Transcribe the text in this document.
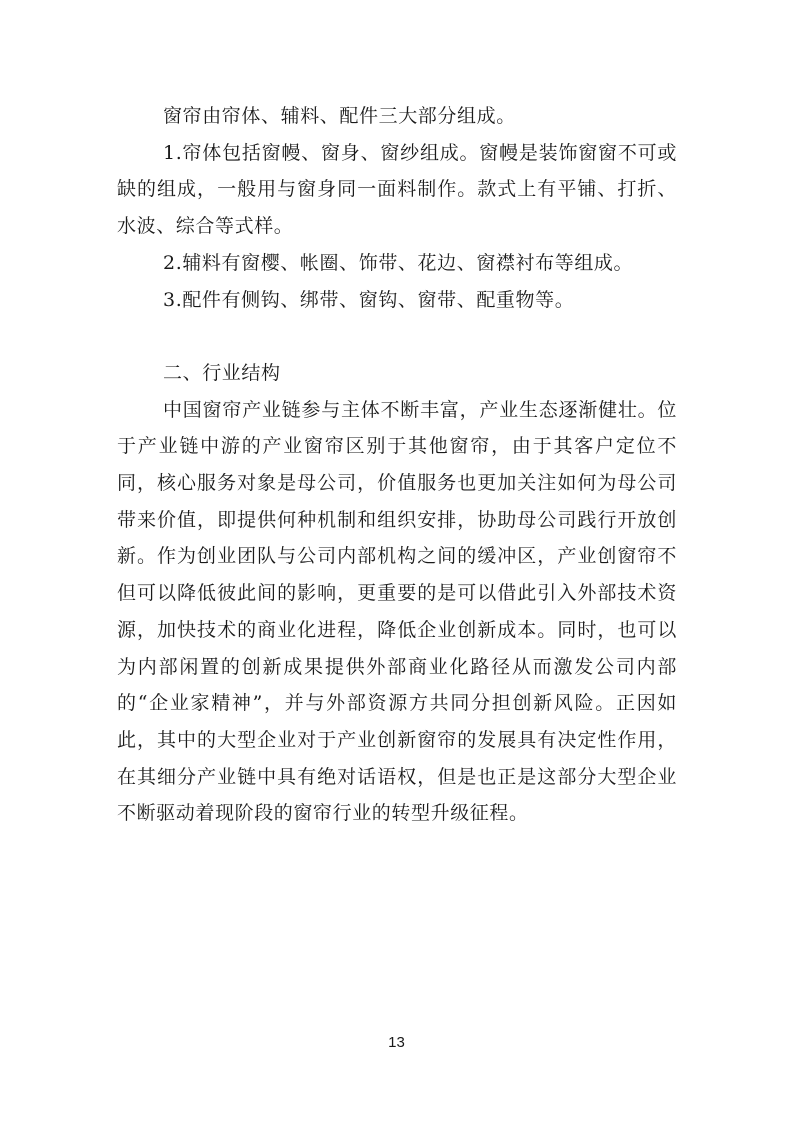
窗帘由帘体、辅料、配件三大部分组成。

1.帘体包括窗幔、窗身、窗纱组成。窗幔是装饰窗窗不可或缺的组成，一般用与窗身同一面料制作。款式上有平铺、打折、水波、综合等式样。

2.辅料有窗樱、帐圈、饰带、花边、窗襟衬布等组成。

3.配件有侧钩、绑带、窗钩、窗带、配重物等。

二、行业结构

中国窗帘产业链参与主体不断丰富，产业生态逐渐健壮。位于产业链中游的产业窗帘区别于其他窗帘，由于其客户定位不同，核心服务对象是母公司，价值服务也更加关注如何为母公司带来价值，即提供何种机制和组织安排，协助母公司践行开放创新。作为创业团队与公司内部机构之间的缓冲区，产业创窗帘不但可以降低彼此间的影响，更重要的是可以借此引入外部技术资源，加快技术的商业化进程，降低企业创新成本。同时，也可以为内部闲置的创新成果提供外部商业化路径从而激发公司内部的“企业家精神”，并与外部资源方共同分担创新风险。正因如此，其中的大型企业对于产业创新窗帘的发展具有决定性作用，在其细分产业链中具有绝对话语权，但是也正是这部分大型企业不断驱动着现阶段的窗帘行业的转型升级征程。

13
